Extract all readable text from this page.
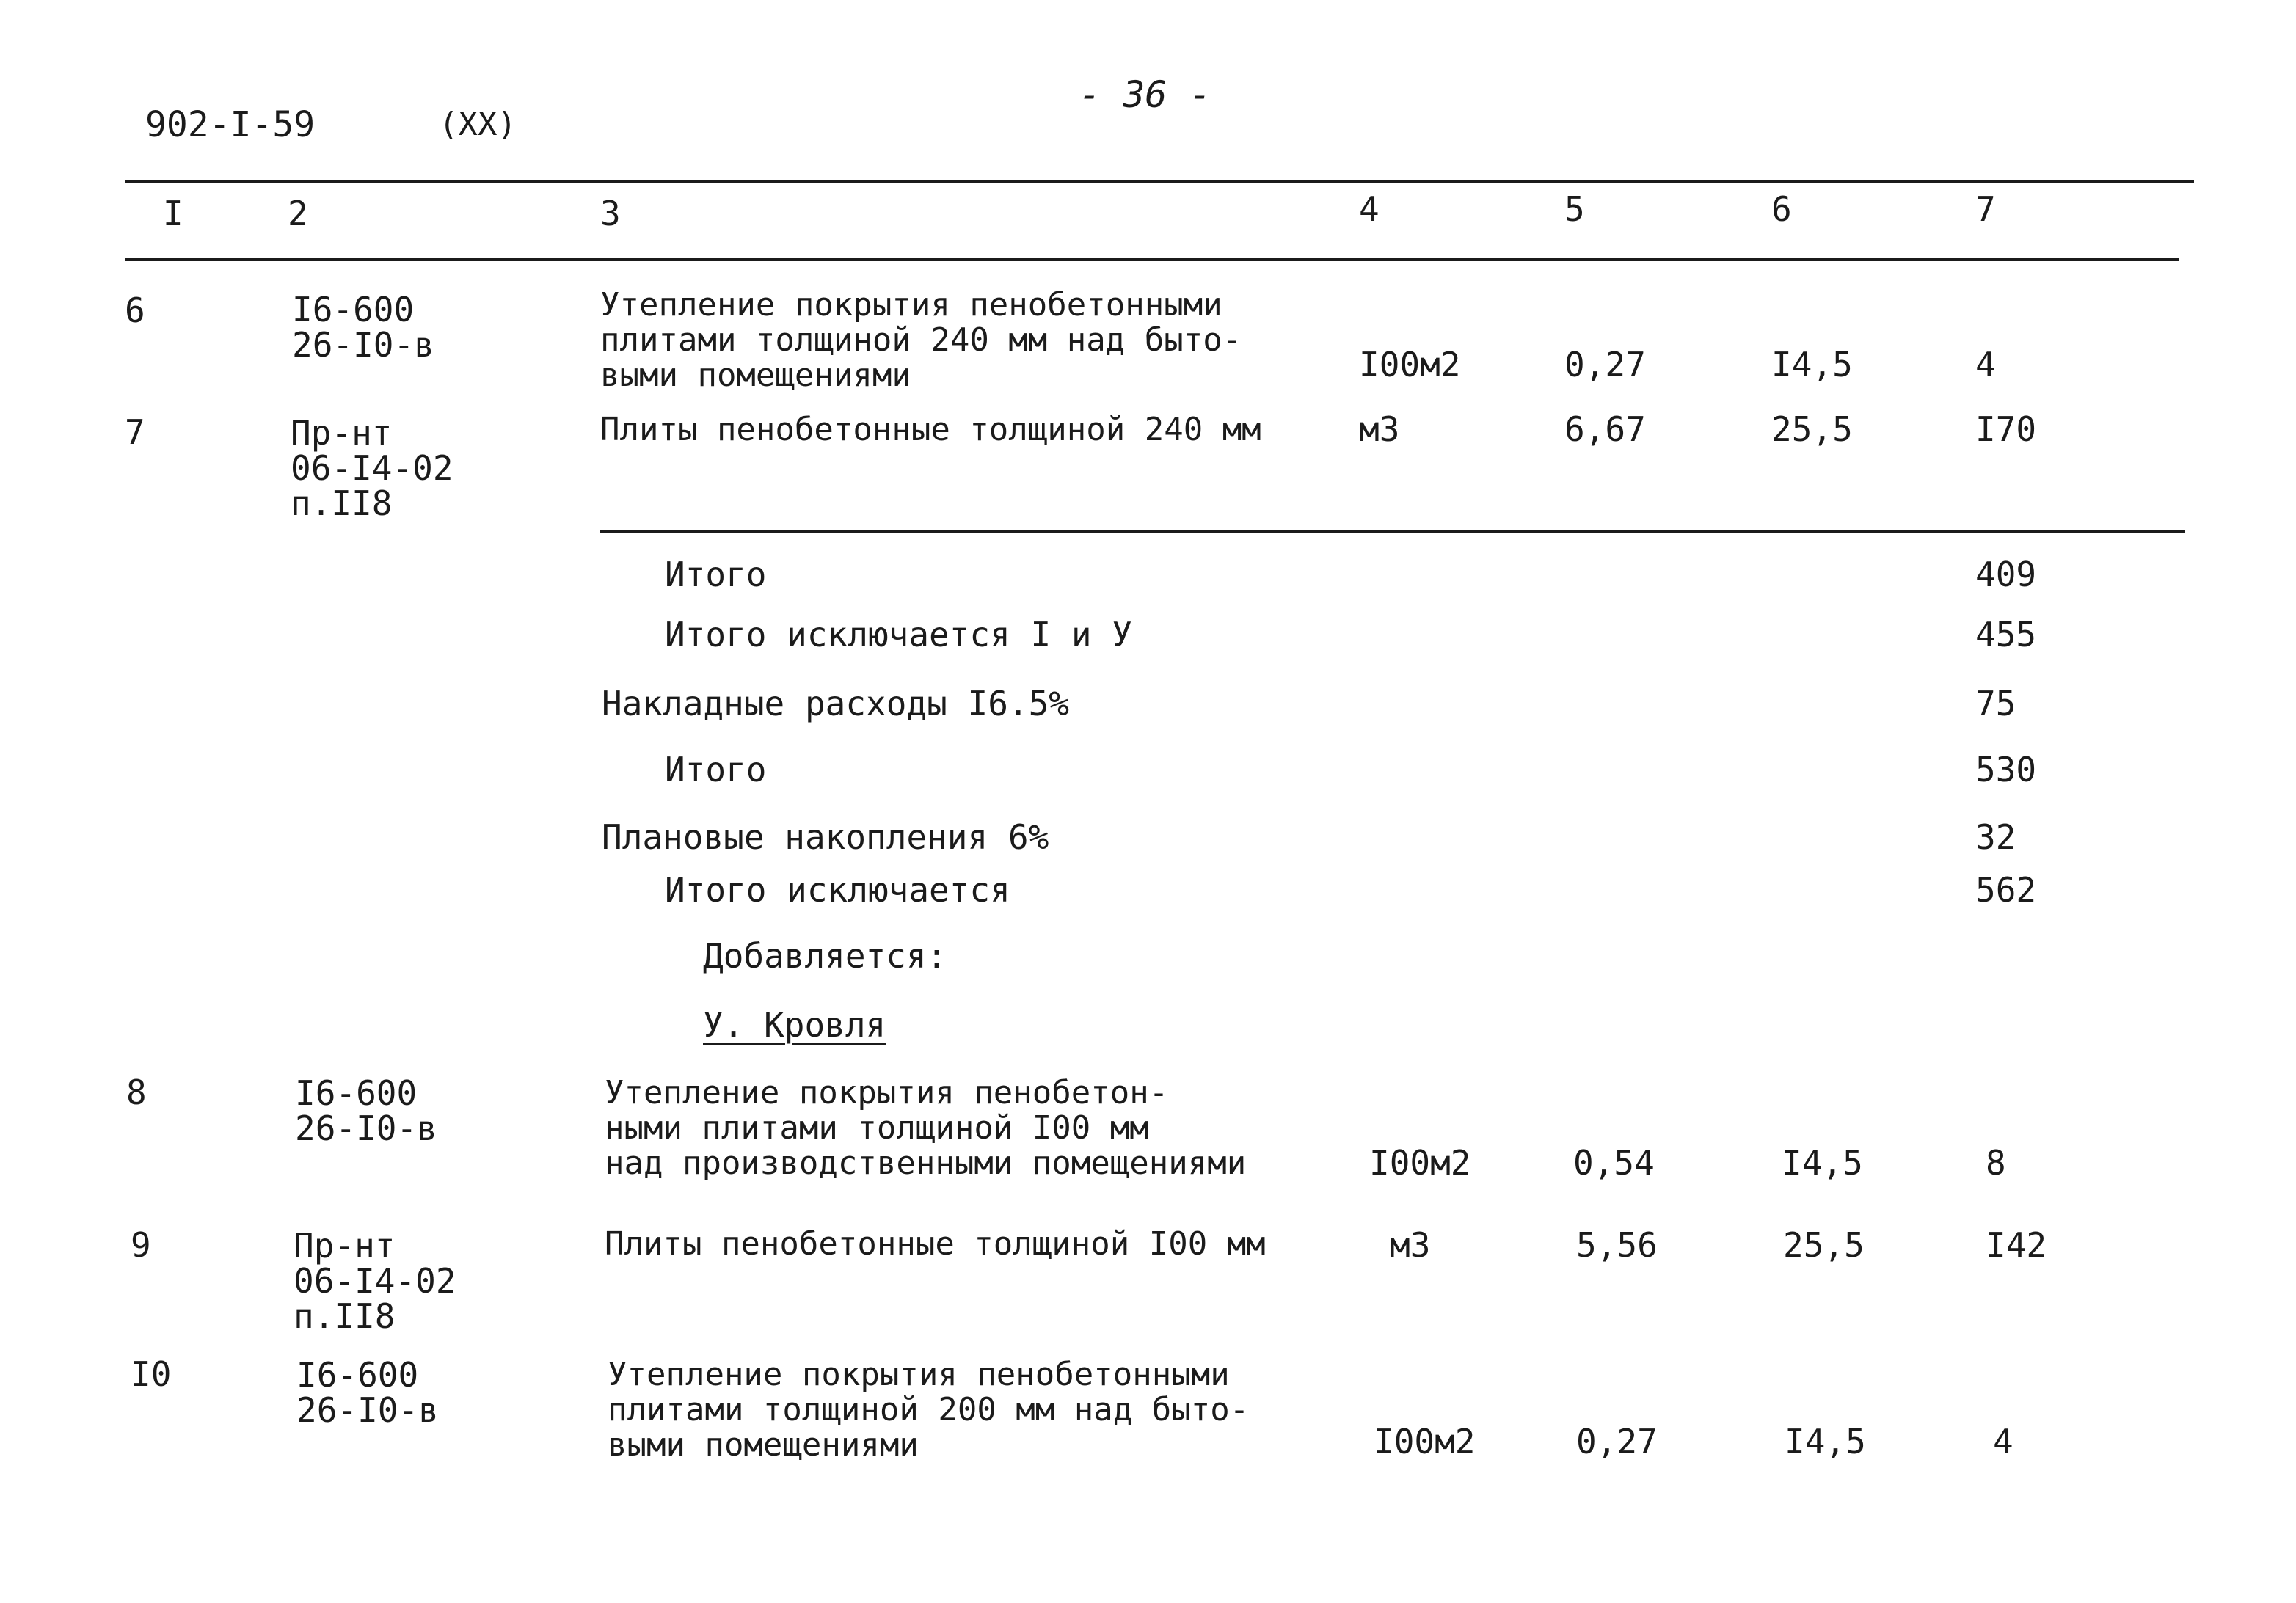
902-I-59	(XX)
- 36 -
I	2	3	4	5	6	7
6	I6-600
26-I0-в
Утепление покрытия пенобетонными
плитами толщиной 240 мм над быто-
выми помещениями	I00м2	0,27	I4,5	4
7	Пр-нт
06-I4-02
п.II8
Плиты пенобетонные толщиной 240 мм	м3	6,67	25,5	I70
Итого	409
Итого исключается I и У	455
Накладные расходы I6.5%	75
Итого	530
Плановые накопления 6%	32
Итого исключается	562
Добавляется:
У. Кровля
8	I6-600
26-I0-в
Утепление покрытия пенобетон-
ными плитами толщиной I00 мм
над производственными помещениями	I00м2	0,54	I4,5	8
9	Пр-нт
06-I4-02
п.II8
Плиты пенобетонные толщиной I00 мм	м3	5,56	25,5	I42
I0	I6-600
26-I0-в
Утепление покрытия пенобетонными
плитами толщиной 200 мм над быто-
выми помещениями	I00м2	0,27	I4,5	4
